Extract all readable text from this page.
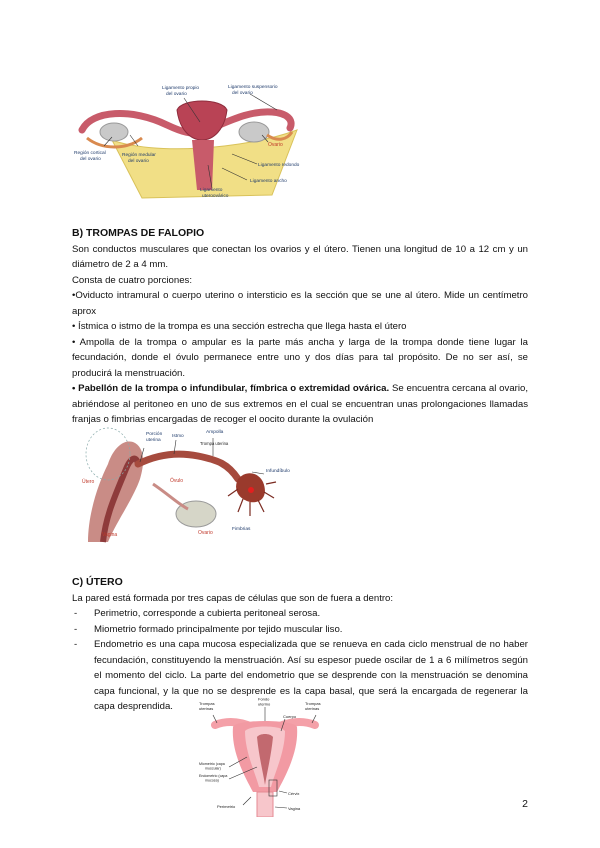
Ligamento propio
del ovario
Ligamento suspensorio
del ovario
Región cortical
del ovario
Región medular
del ovario
Ovario
Ligamento redondo
Ligamento ancho
Ligamento
uteroovárico
B) TROMPAS DE FALOPIO

Son conductos musculares que conectan los ovarios y el útero. Tienen una longitud de 10 a 12 cm y un diámetro de 2 a 4 mm.

Consta de cuatro porciones:

•Oviducto intramural o cuerpo uterino o intersticio es la sección que se une al útero. Mide un centímetro aprox

• Ístmica o istmo de la trompa es una sección estrecha que llega hasta el útero

• Ampolla de la trompa o ampular es la parte más ancha y larga de la trompa donde tiene lugar la fecundación, donde el óvulo permanece entre uno y dos días para tal propósito. De no ser así, se producirá la menstruación.

• Pabellón de la trompa o infundibular, fímbrica o extremidad ovárica. Se encuentra cercana al ovario, abriéndose al peritoneo en uno de sus extremos en el cual se encuentran unas prolongaciones llamadas franjas o fimbrias encargadas de recoger el oocito durante la ovulación

Porción
uterina
Istmo
Ampolla
Trompa uterina
Infundíbulo
Útero	Óvulo
Fimbrias
Vagina	Ovario
C) ÚTERO

La pared está formada por tres capas de células que son de fuera a dentro:

- Perimetrio, corresponde a cubierta peritoneal serosa.
- Miometrio formado principalmente por tejido muscular liso.
- Endometrio es una capa mucosa especializada que se renueva en cada ciclo menstrual de no haber fecundación, constituyendo la menstruación. Así su espesor puede oscilar de 1 a 6 milímetros según el momento del ciclo. La parte del endometrio que se desprende con la menstruación se denomina capa funcional, y la que no se desprende es la capa basal, que será la encargada de regenerar la capa desprendida.	Trompas
uterinas
Fondo
uterino	Trompas
uterinas
Cuerpo
Miometrio (capa
muscular)
Endometrio (capa
mucosa)
Cérvix
Perimetrio	Vagina	2
